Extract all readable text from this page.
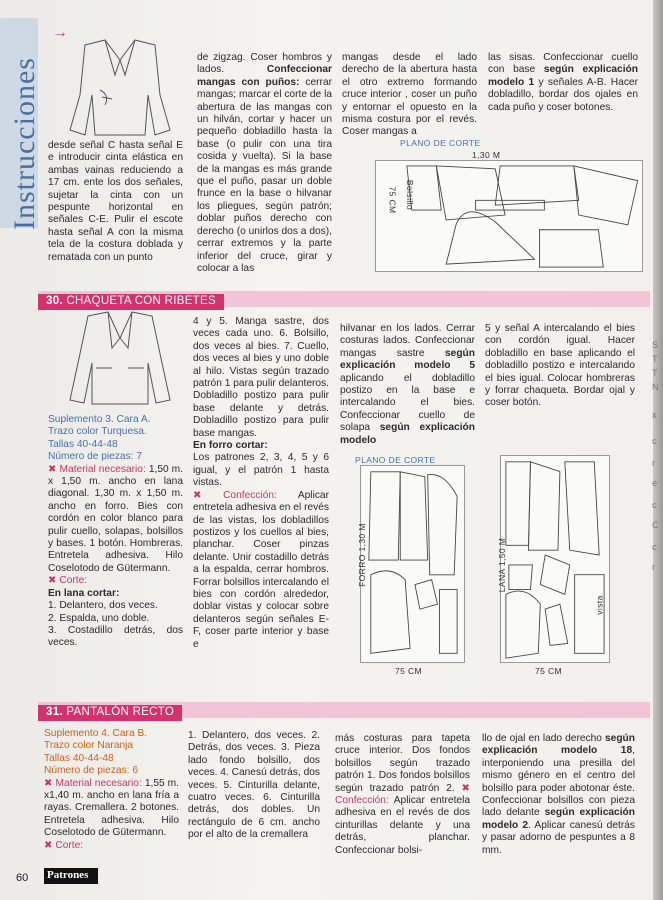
Instrucciones
→

desde señal C hasta señal E e introducir cinta elástica en ambas vainas reduciendo a 17 cm. ente los dos señales, sujetar la cinta con un pespunte horizontal en señales C-E. Pulir el escote hasta señal A con la misma tela de la costura doblada y rematada con un punto

de zigzag. Coser hombros y lados. Confeccionar mangas con puños: cerrar mangas; marcar el corte de la abertura de las mangas con un hilván, cortar y hacer un pequeño dobladillo hasta la base (o pulir con una tira cosida y vuelta). Si la base de la mangas es más grande que el puño, pasar un doble frunce en la base o hilvanar los pliegues, según patrón; doblar puños derecho con derecho (o unirlos dos a dos), cerrar extremos y la parte inferior del cruce, girar y colocar a las

mangas desde el lado derecho de la abertura hasta el otro extremo formando cruce interior , coser un puño y entornar el opuesto en la misma costura por el revés. Coser mangas a

las sisas. Confeccionar cuello con base según explicación modelo 1 y señales A-B. Hacer dobladillo, bordar dos ojales en cada puño y coser botones.

PLANO DE CORTE
1,30 M
75 CM Bolsillo
30. CHAQUETA CON RIBETES

Suplemento 3. Cara A.

Trazo color Turquesa.

Tallas 40-44-48

Número de piezas: 7

✖ Material necesario: 1,50 m. x 1,50 m. ancho en lana diagonal. 1,30 m. x 1,50 m. ancho en forro. Bies con cordón en color blanco para pulir cuello, solapas, bolsillos y bases. 1 botón. Hombreras. Entretela adhesiva. Hilo Coselotodo de Gütermann.

✖ Corte:

En lana cortar:

1. Delantero, dos veces.

2. Espalda, uno doble.

3. Costadillo detrás, dos veces.

4 y 5. Manga sastre, dos veces cada uno. 6. Bolsillo, dos veces al bies. 7. Cuello, dos veces al bies y uno doble al hilo. Vistas según trazado patrón 1 para pulir delanteros. Dobladillo postizo para pulir base delante y detrás. Dobladillo postizo para pulir base mangas.

En forro cortar:

Los patrones 2, 3, 4, 5 y 6 igual, y el patrón 1 hasta vistas.

✖ Confección: Aplicar entretela adhesiva en el revés de las vistas, los dobladillos postizos y los cuellos al bies, planchar. Coser pinzas delante. Unir costadillo detrás a la espalda, cerrar hombros. Forrar bolsillos intercalando el bies con cordón alrededor, doblar vistas y colocar sobre delanteros según señales E-F, coser parte interior y base e

hilvanar en los lados. Cerrar costuras lados. Confeccionar mangas sastre según explicación modelo 5 aplicando el dobladillo postizo en la base e intercalando el bies. Confeccionar cuello de solapa según explicación modelo

5 y señal A intercalando el bies con cordón igual. Hacer dobladillo en base aplicando el dobladillo postizo e intercalando el bies igual. Colocar hombreras y forrar chaqueta. Bordar ojal y coser botón.

PLANO DE CORTE
FORRO 1,30 M
75 CM
LANA 1,50 M
vista
75 CM
31. PANTALÓN RECTO

Suplemento 4. Cara B.

Trazo color Naranja

Tallas 40-44-48

Número de piezas: 6

✖ Material necesario: 1,55 m. x1,40 m. ancho en lana fría a rayas. Cremallera. 2 botones. Entretela adhesiva. Hilo Coselotodo de Gütermann.

✖ Corte:

1. Delantero, dos veces. 2. Detrás, dos veces. 3. Pieza lado fondo bolsillo, dos veces. 4. Canesú detrás, dos veces. 5. Cinturilla delante, cuatro veces. 6. Cinturilla detrás, dos dobles. Un rectángulo de 6 cm. ancho por el alto de la cremallera

más costuras para tapeta cruce interior. Dos fondos bolsillos según trazado patrón 1. Dos fondos bolsillos según trazado patrón 2. ✖ Confección: Aplicar entretela adhesiva en el revés de dos cinturillas delante y una detrás, planchar. Confeccionar bolsi-

llo de ojal en lado derecho según explicación modelo 18, interponiendo una presilla del mismo género en el centro del bolsillo para poder abotonar éste. Confeccionar bolsillos con pieza lado delante según explicación modelo 2. Aplicar canesú detrás y pasar adorno de pespuntes a 8 mm.

S
T
T
N
x
c
r
e
c
C
c
r
60 Patrones
